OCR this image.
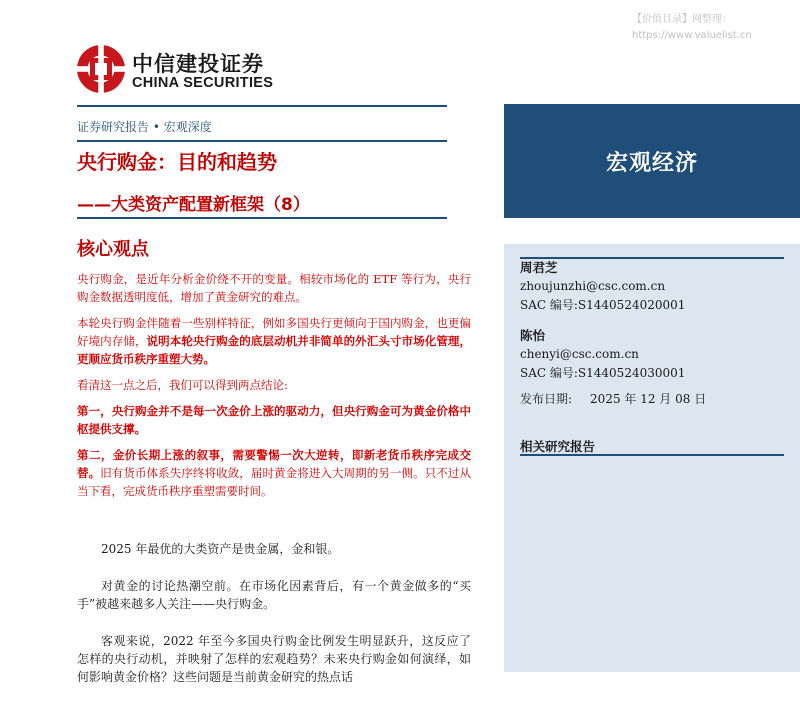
【价值目录】网整理：
https://www.valuelist.cn
中信建投证券
CHINA SECURITIES
证券研究报告 • 宏观深度
央行购金：目的和趋势
——大类资产配置新框架（8）
核心观点

央行购金，是近年分析金价绕不开的变量。相较市场化的 ETF 等行为，央行购金数据透明度低，增加了黄金研究的难点。

本轮央行购金伴随着一些别样特征，例如多国央行更倾向于国内购金，也更偏好境内存储，说明本轮央行购金的底层动机并非简单的外汇头寸市场化管理，更顺应货币秩序重塑大势。

看清这一点之后，我们可以得到两点结论:

第一，央行购金并不是每一次金价上涨的驱动力，但央行购金可为黄金价格中枢提供支撑。

第二，金价长期上涨的叙事，需要警惕一次大逆转，即新老货币秩序完成交替。旧有货币体系失序终将收敛，届时黄金将进入大周期的另一侧。只不过从当下看，完成货币秩序重塑需要时间。

2025 年最优的大类资产是贵金属，金和银。

对黄金的讨论热潮空前。在市场化因素背后，有一个黄金做多的“买手”被越来越多人关注——央行购金。

客观来说，2022 年至今多国央行购金比例发生明显跃升，这反应了怎样的央行动机，并映射了怎样的宏观趋势？未来央行购金如何演绎，如何影响黄金价格？这些问题是当前黄金研究的热点话

宏观经济
周君芝
zhoujunzhi@csc.com.cn
SAC 编号:S1440524020001
陈怡
chenyi@csc.com.cn
SAC 编号:S1440524030001
发布日期: 2025 年 12 月 08 日
相关研究报告
